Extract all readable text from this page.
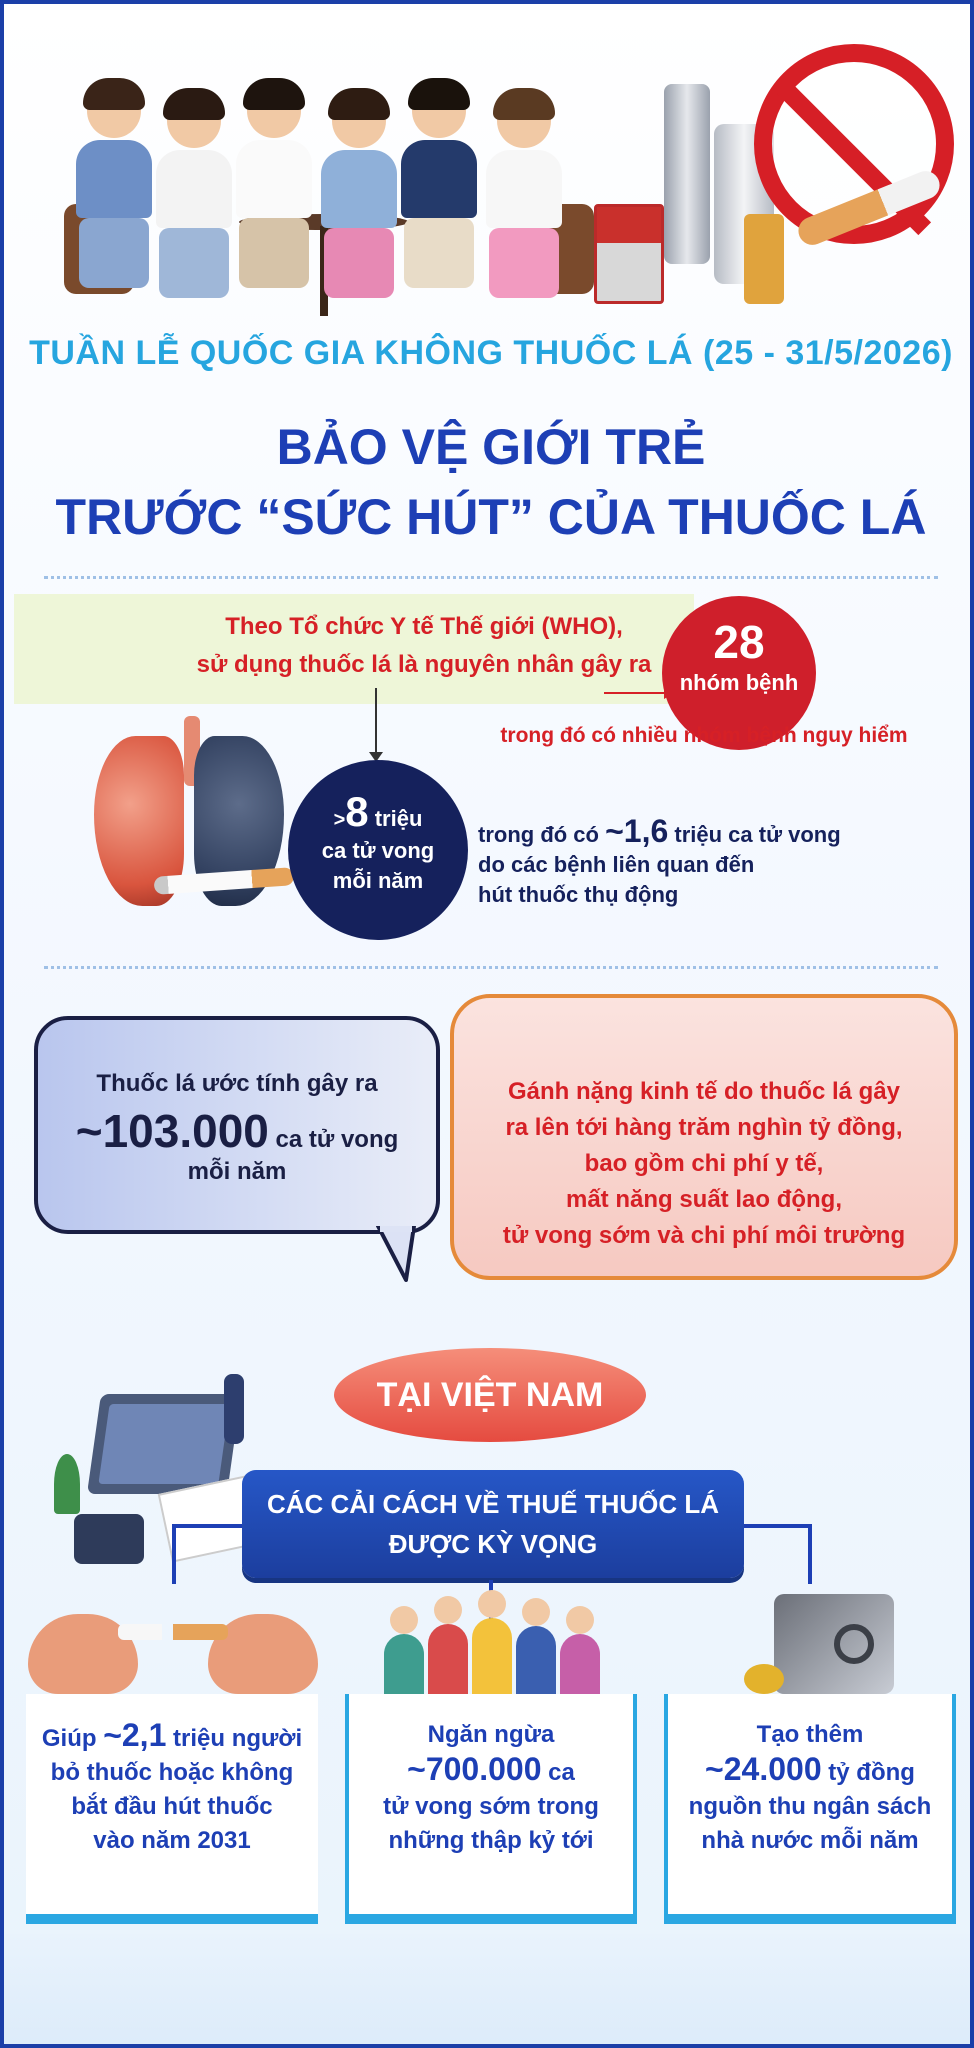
TUẦN LỄ QUỐC GIA KHÔNG THUỐC LÁ (25 - 31/5/2026)
BẢO VỆ GIỚI TRẺ
TRƯỚC “SỨC HÚT” CỦA THUỐC LÁ
Theo Tổ chức Y tế Thế giới (WHO),
sử dụng thuốc lá là nguyên nhân gây ra	28
nhóm bệnh
trong đó có nhiều nhóm bệnh nguy hiểm
>8 triệu
ca tử vong
mỗi năm
trong đó có ~1,6 triệu ca tử vong
do các bệnh liên quan đến
hút thuốc thụ động
Thuốc lá ước tính gây ra
~103.000 ca tử vong
mỗi năm
Gánh nặng kinh tế do thuốc lá gây
ra lên tới hàng trăm nghìn tỷ đồng,
bao gồm chi phí y tế,
mất năng suất lao động,
tử vong sớm và chi phí môi trường
TẠI VIỆT NAM
CÁC CẢI CÁCH VỀ THUẾ THUỐC LÁ
ĐƯỢC KỲ VỌNG
Giúp ~2,1 triệu người
bỏ thuốc hoặc không
bắt đầu hút thuốc
vào năm 2031
Ngăn ngừa
~700.000 ca
tử vong sớm trong
những thập kỷ tới
Tạo thêm
~24.000 tỷ đồng
nguồn thu ngân sách
nhà nước mỗi năm
